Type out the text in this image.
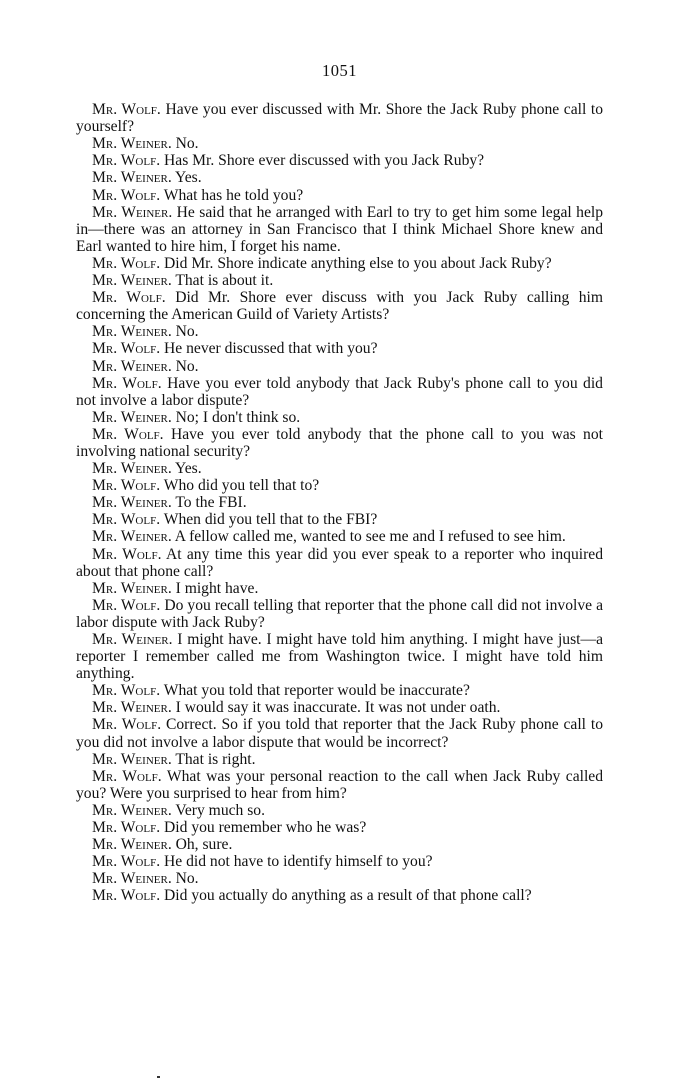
1051

Mr. Wolf. Have you ever discussed with Mr. Shore the Jack Ruby phone call to yourself?

Mr. Weiner. No.

Mr. Wolf. Has Mr. Shore ever discussed with you Jack Ruby?

Mr. Weiner. Yes.

Mr. Wolf. What has he told you?

Mr. Weiner. He said that he arranged with Earl to try to get him some legal help in—there was an attorney in San Francisco that I think Michael Shore knew and Earl wanted to hire him, I forget his name.

Mr. Wolf. Did Mr. Shore indicate anything else to you about Jack Ruby?

Mr. Weiner. That is about it.

Mr. Wolf. Did Mr. Shore ever discuss with you Jack Ruby calling him concerning the American Guild of Variety Artists?

Mr. Weiner. No.

Mr. Wolf. He never discussed that with you?

Mr. Weiner. No.

Mr. Wolf. Have you ever told anybody that Jack Ruby's phone call to you did not involve a labor dispute?

Mr. Weiner. No; I don't think so.

Mr. Wolf. Have you ever told anybody that the phone call to you was not involving national security?

Mr. Weiner. Yes.

Mr. Wolf. Who did you tell that to?

Mr. Weiner. To the FBI.

Mr. Wolf. When did you tell that to the FBI?

Mr. Weiner. A fellow called me, wanted to see me and I refused to see him.

Mr. Wolf. At any time this year did you ever speak to a reporter who inquired about that phone call?

Mr. Weiner. I might have.

Mr. Wolf. Do you recall telling that reporter that the phone call did not involve a labor dispute with Jack Ruby?

Mr. Weiner. I might have. I might have told him anything. I might have just—a reporter I remember called me from Washington twice. I might have told him anything.

Mr. Wolf. What you told that reporter would be inaccurate?

Mr. Weiner. I would say it was inaccurate. It was not under oath.

Mr. Wolf. Correct. So if you told that reporter that the Jack Ruby phone call to you did not involve a labor dispute that would be incorrect?

Mr. Weiner. That is right.

Mr. Wolf. What was your personal reaction to the call when Jack Ruby called you? Were you surprised to hear from him?

Mr. Weiner. Very much so.

Mr. Wolf. Did you remember who he was?

Mr. Weiner. Oh, sure.

Mr. Wolf. He did not have to identify himself to you?

Mr. Weiner. No.

Mr. Wolf. Did you actually do anything as a result of that phone call?
